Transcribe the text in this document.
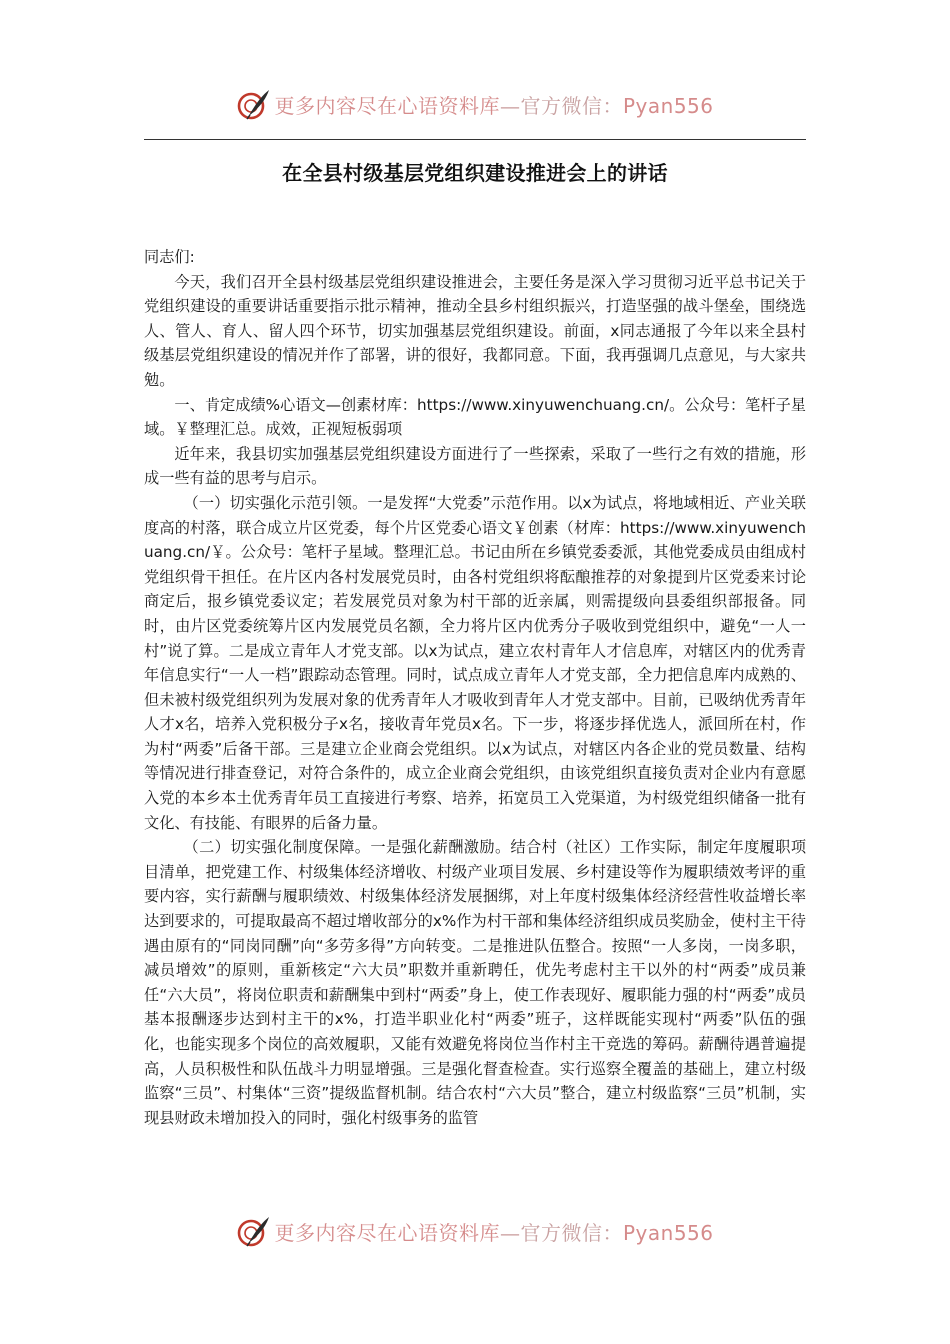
更多内容尽在心语资料库—官方微信：Pyan556
在全县村级基层党组织建设推进会上的讲话

同志们:

今天，我们召开全县村级基层党组织建设推进会，主要任务是深入学习贯彻习近平总书记关于党组织建设的重要讲话重要指示批示精神，推动全县乡村组织振兴，打造坚强的战斗堡垒，围绕选人、管人、育人、留人四个环节，切实加强基层党组织建设。前面，x同志通报了今年以来全县村级基层党组织建设的情况并作了部署，讲的很好，我都同意。下面，我再强调几点意见，与大家共勉。

一、肯定成绩%心语文—创素材库：https://www.xinyuwenchuang.cn/。公众号：笔杆子星域。￥整理汇总。成效，正视短板弱项

近年来，我县切实加强基层党组织建设方面进行了一些探索，采取了一些行之有效的措施，形成一些有益的思考与启示。

（一）切实强化示范引领。一是发挥“大党委”示范作用。以x为试点，将地域相近、产业关联度高的村落，联合成立片区党委，每个片区党委心语文￥创素（材库：https://www.xinyuwenchuang.cn/￥。公众号：笔杆子星域。整理汇总。书记由所在乡镇党委委派，其他党委成员由组成村党组织骨干担任。在片区内各村发展党员时，由各村党组织将酝酿推荐的对象提到片区党委来讨论商定后，报乡镇党委议定；若发展党员对象为村干部的近亲属，则需提级向县委组织部报备。同时，由片区党委统筹片区内发展党员名额，全力将片区内优秀分子吸收到党组织中，避免“一人一村”说了算。二是成立青年人才党支部。以x为试点，建立农村青年人才信息库，对辖区内的优秀青年信息实行“一人一档”跟踪动态管理。同时，试点成立青年人才党支部，全力把信息库内成熟的、但未被村级党组织列为发展对象的优秀青年人才吸收到青年人才党支部中。目前，已吸纳优秀青年人才x名，培养入党积极分子x名，接收青年党员x名。下一步，将逐步择优选人，派回所在村，作为村“两委”后备干部。三是建立企业商会党组织。以x为试点，对辖区内各企业的党员数量、结构等情况进行排查登记，对符合条件的，成立企业商会党组织，由该党组织直接负责对企业内有意愿入党的本乡本土优秀青年员工直接进行考察、培养，拓宽员工入党渠道，为村级党组织储备一批有文化、有技能、有眼界的后备力量。

（二）切实强化制度保障。一是强化薪酬激励。结合村（社区）工作实际，制定年度履职项目清单，把党建工作、村级集体经济增收、村级产业项目发展、乡村建设等作为履职绩效考评的重要内容，实行薪酬与履职绩效、村级集体经济发展捆绑，对上年度村级集体经济经营性收益增长率达到要求的，可提取最高不超过增收部分的x%作为村干部和集体经济组织成员奖励金，使村主干待遇由原有的“同岗同酬”向“多劳多得”方向转变。二是推进队伍整合。按照“一人多岗，一岗多职，减员增效”的原则，重新核定“六大员”职数并重新聘任，优先考虑村主干以外的村“两委”成员兼任“六大员”，将岗位职责和薪酬集中到村“两委”身上，使工作表现好、履职能力强的村“两委”成员基本报酬逐步达到村主干的x%，打造半职业化村“两委”班子，这样既能实现村“两委”队伍的强化，也能实现多个岗位的高效履职，又能有效避免将岗位当作村主干竞选的筹码。薪酬待遇普遍提高，人员积极性和队伍战斗力明显增强。三是强化督查检查。实行巡察全覆盖的基础上，建立村级监察“三员”、村集体“三资”提级监督机制。结合农村“六大员”整合，建立村级监察“三员”机制，实现县财政未增加投入的同时，强化村级事务的监管

更多内容尽在心语资料库—官方微信：Pyan556
